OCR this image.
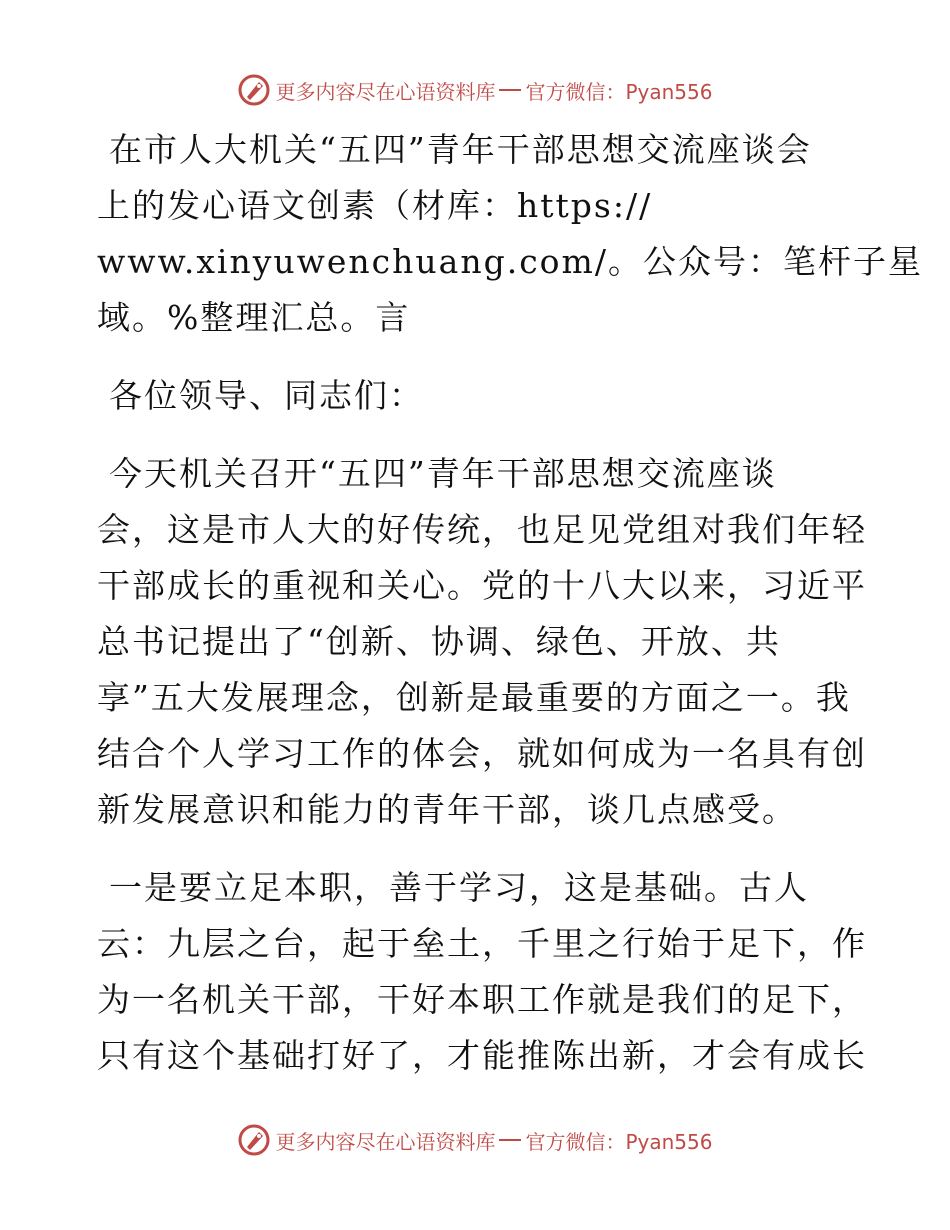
更多内容尽在心语资料库 官方微信：Pyan556

在市人大机关“五四”青年干部思想交流座谈会
上的发心语文创素（材库：https://
www.xinyuwenchuang.com/。公众号：笔杆子星
域。%整理汇总。言

各位领导、同志们：

今天机关召开“五四”青年干部思想交流座谈
会，这是市人大的好传统，也足见党组对我们年轻
干部成长的重视和关心。党的十八大以来，习近平
总书记提出了“创新、协调、绿色、开放、共
享”五大发展理念，创新是最重要的方面之一。我
结合个人学习工作的体会，就如何成为一名具有创
新发展意识和能力的青年干部，谈几点感受。

一是要立足本职，善于学习，这是基础。古人
云：九层之台，起于垒土，千里之行始于足下，作
为一名机关干部，干好本职工作就是我们的足下，
只有这个基础打好了，才能推陈出新，才会有成长

更多内容尽在心语资料库 官方微信：Pyan556
